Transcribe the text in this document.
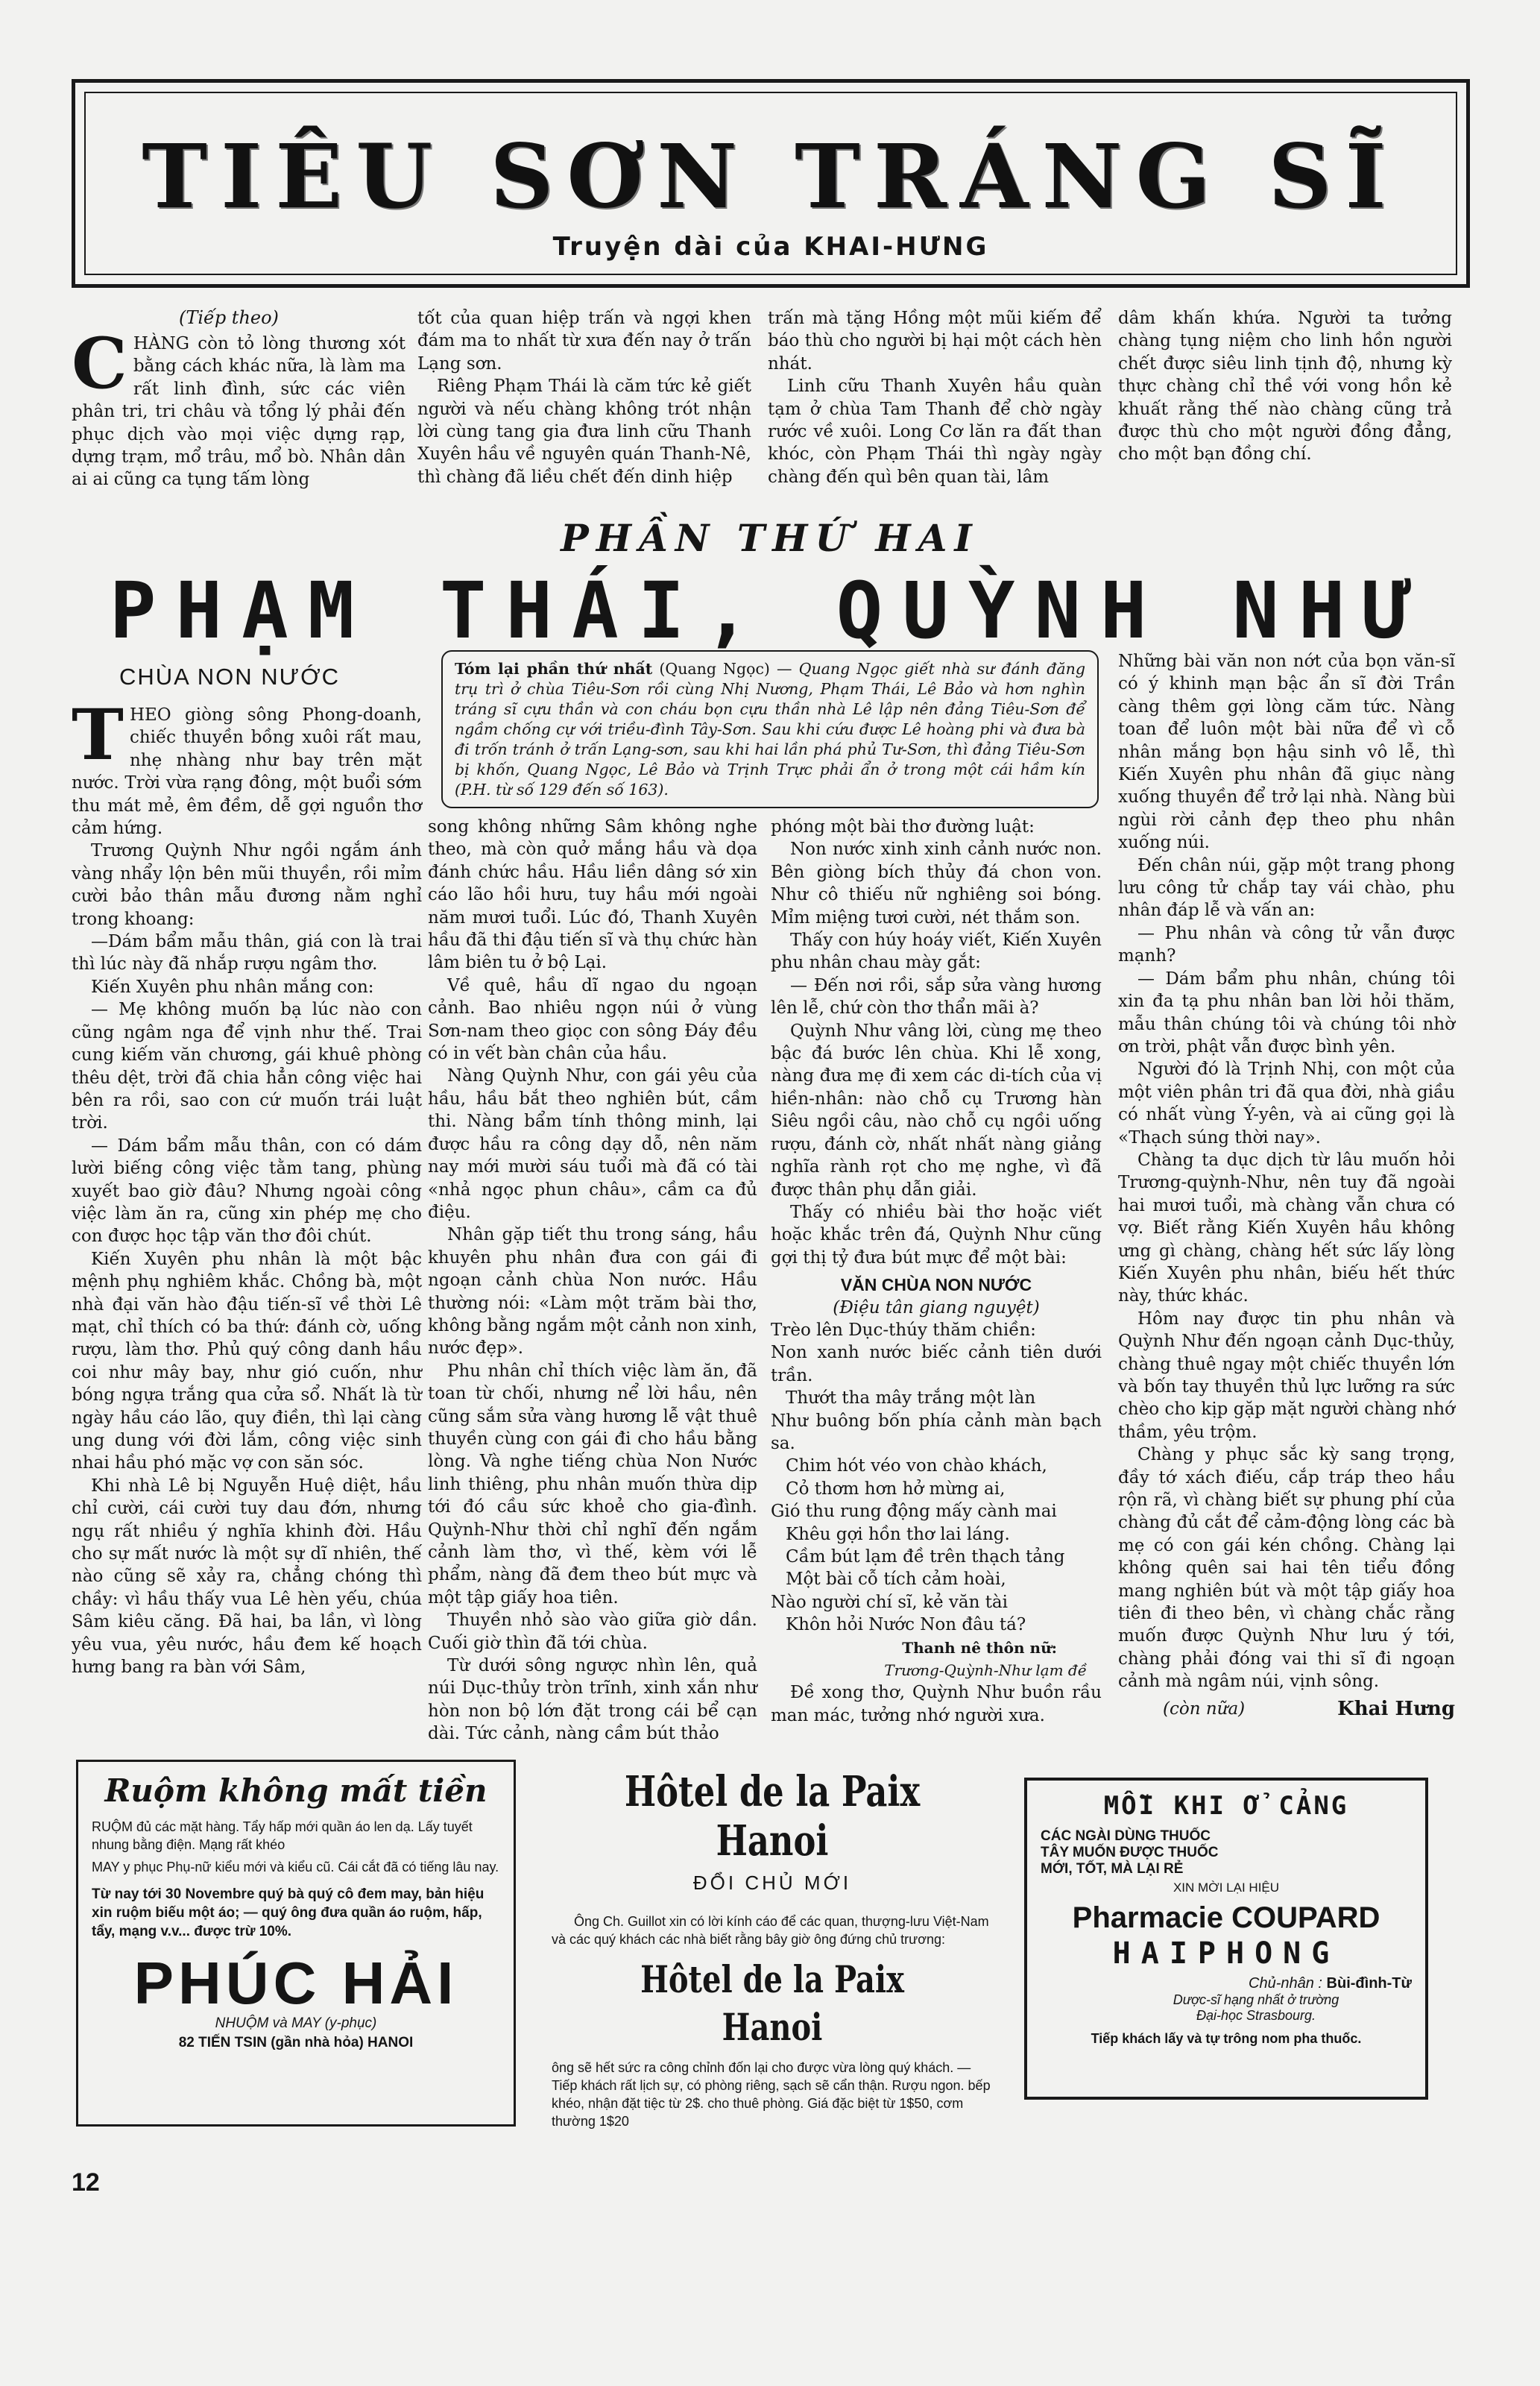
TIÊU SƠN TRÁNG SĨ
Truyện dài của KHAI-HƯNG
(Tiếp theo)

CHÀNG còn tỏ lòng thương xót bằng cách khác nữa, là làm ma rất linh đình, sức các viên phân tri, tri châu và tổng lý phải đến phục dịch vào mọi việc dựng rạp, dựng trạm, mổ trâu, mổ bò. Nhân dân ai ai cũng ca tụng tấm lòng

tốt của quan hiệp trấn và ngợi khen đám ma to nhất từ xưa đến nay ở trấn Lạng sơn.

Riêng Phạm Thái là căm tức kẻ giết người và nếu chàng không trót nhận lời cùng tang gia đưa linh cữu Thanh Xuyên hầu về nguyên quán Thanh-Nê, thì chàng đã liều chết đến dinh hiệp

trấn mà tặng Hồng một mũi kiếm để báo thù cho người bị hại một cách hèn nhát.

Linh cữu Thanh Xuyên hầu quàn tạm ở chùa Tam Thanh để chờ ngày rước về xuôi. Long Cơ lăn ra đất than khóc, còn Phạm Thái thì ngày ngày chàng đến quì bên quan tài, lâm

dâm khấn khứa. Người ta tưởng chàng tụng niệm cho linh hồn người chết được siêu linh tịnh độ, nhưng kỳ thực chàng chỉ thề với vong hồn kẻ khuất rằng thế nào chàng cũng trả được thù cho một người đồng đẳng, cho một bạn đồng chí.

PHẦN THỨ HAI
PHẠM THÁI, QUỲNH NHƯ
Tóm lại phần thứ nhất (Quang Ngọc) — Quang Ngọc giết nhà sư đánh đăng trụ trì ở chùa Tiêu-Sơn rồi cùng Nhị Nương, Phạm Thái, Lê Bảo và hơn nghìn tráng sĩ cựu thần và con cháu bọn cựu thần nhà Lê lập nên đảng Tiêu-Sơn để ngầm chống cự với triều-đình Tây-Sơn. Sau khi cứu được Lê hoàng phi và đưa bà đi trốn tránh ở trấn Lạng-sơn, sau khi hai lần phá phủ Tư-Sơn, thì đảng Tiêu-Sơn bị khốn, Quang Ngọc, Lê Bảo và Trịnh Trực phải ẩn ở trong một cái hầm kín (P.H. từ số 129 đến số 163).
CHÙA NON NƯỚC

THEO giòng sông Phong-doanh, chiếc thuyền bồng xuôi rất mau, nhẹ nhàng như bay trên mặt nước. Trời vừa rạng đông, một buổi sớm thu mát mẻ, êm đềm, dễ gợi nguồn thơ cảm hứng.

Trương Quỳnh Như ngồi ngắm ánh vàng nhẩy lộn bên mũi thuyền, rồi mỉm cười bảo thân mẫu đương nằm nghỉ trong khoang:

—Dám bẩm mẫu thân, giá con là trai thì lúc này đã nhắp rượu ngâm thơ.

Kiến Xuyên phu nhân mắng con:

— Mẹ không muốn bạ lúc nào con cũng ngâm nga để vịnh như thế. Trai cung kiếm văn chương, gái khuê phòng thêu dệt, trời đã chia hẳn công việc hai bên ra rồi, sao con cứ muốn trái luật trời.

— Dám bẩm mẫu thân, con có dám lười biếng công việc tằm tang, phùng xuyết bao giờ đâu? Nhưng ngoài công việc làm ăn ra, cũng xin phép mẹ cho con được học tập văn thơ đôi chút.

Kiến Xuyên phu nhân là một bậc mệnh phụ nghiêm khắc. Chồng bà, một nhà đại văn hào đậu tiến-sĩ về thời Lê mạt, chỉ thích có ba thứ: đánh cờ, uống rượu, làm thơ. Phủ quý công danh hầu coi như mây bay, như gió cuốn, như bóng ngựa trắng qua cửa sổ. Nhất là từ ngày hầu cáo lão, quy điền, thì lại càng ung dung với đời lắm, công việc sinh nhai hầu phó mặc vợ con săn sóc.

Khi nhà Lê bị Nguyễn Huệ diệt, hầu chỉ cười, cái cười tuy dau đớn, nhưng ngụ rất nhiều ý nghĩa khinh đời. Hầu cho sự mất nước là một sự dĩ nhiên, thế nào cũng sẽ xảy ra, chẳng chóng thì chầy: vì hầu thấy vua Lê hèn yếu, chúa Sâm kiêu căng. Đã hai, ba lần, vì lòng yêu vua, yêu nước, hầu đem kế hoạch hưng bang ra bàn với Sâm,

song không những Sâm không nghe theo, mà còn quở mắng hầu và dọa đánh chức hầu. Hầu liền dâng sớ xin cáo lão hồi hưu, tuy hầu mới ngoài năm mươi tuổi. Lúc đó, Thanh Xuyên hầu đã thi đậu tiến sĩ và thụ chức hàn lâm biên tu ở bộ Lại.

Về quê, hầu dĩ ngao du ngoạn cảnh. Bao nhiêu ngọn núi ở vùng Sơn-nam theo giọc con sông Đáy đều có in vết bàn chân của hầu.

Nàng Quỳnh Như, con gái yêu của hầu, hầu bắt theo nghiên bút, cầm thi. Nàng bẩm tính thông minh, lại được hầu ra công dạy dỗ, nên năm nay mới mười sáu tuổi mà đã có tài «nhả ngọc phun châu», cầm ca đủ điệu.

Nhân gặp tiết thu trong sáng, hầu khuyên phu nhân đưa con gái đi ngoạn cảnh chùa Non nước. Hầu thường nói: «Làm một trăm bài thơ, không bằng ngắm một cảnh non xinh, nước đẹp».

Phu nhân chỉ thích việc làm ăn, đã toan từ chối, nhưng nể lời hầu, nên cũng sắm sửa vàng hương lễ vật thuê thuyền cùng con gái đi cho hầu bằng lòng. Và nghe tiếng chùa Non Nước linh thiêng, phu nhân muốn thừa dịp tới đó cầu sức khoẻ cho gia-đình. Quỳnh-Như thời chỉ nghĩ đến ngắm cảnh làm thơ, vì thế, kèm với lễ phẩm, nàng đã đem theo bút mực và một tập giấy hoa tiên.

Thuyền nhỏ sào vào giữa giờ dần. Cuối giờ thìn đã tới chùa.

Từ dưới sông ngược nhìn lên, quả núi Dục-thủy tròn trĩnh, xinh xắn như hòn non bộ lớn đặt trong cái bể cạn dài. Tức cảnh, nàng cầm bút thảo

phóng một bài thơ đường luật:

Non nước xinh xinh cảnh nước non. Bên giòng bích thủy đá chon von. Như cô thiếu nữ nghiêng soi bóng. Mỉm miệng tươi cười, nét thắm son.

Thấy con húy hoáy viết, Kiến Xuyên phu nhân chau mày gắt:

— Đến nơi rồi, sắp sửa vàng hương lên lễ, chứ còn thơ thẩn mãi à?

Quỳnh Như vâng lời, cùng mẹ theo bậc đá bước lên chùa. Khi lễ xong, nàng đưa mẹ đi xem các di-tích của vị hiền-nhân: nào chỗ cụ Trương hàn Siêu ngồi câu, nào chỗ cụ ngồi uống rượu, đánh cờ, nhất nhất nàng giảng nghĩa rành rọt cho mẹ nghe, vì đã được thân phụ dẫn giải.

Thấy có nhiều bài thơ hoặc viết hoặc khắc trên đá, Quỳnh Như cũng gợi thị tỷ đưa bút mực để một bài:

VĂN CHÙA NON NƯỚC

(Điệu tân giang nguyệt)

Trèo lên Dục-thúy thăm chiền:

Non xanh nước biếc cảnh tiên dưới trần.

Thướt tha mây trắng một làn

Như buông bốn phía cảnh màn bạch sa.

Chim hót véo von chào khách,

Cỏ thơm hơn hở mừng ai,

Gió thu rung động mấy cành mai

Khêu gợi hồn thơ lai láng.

Cầm bút lạm đề trên thạch tảng

Một bài cỗ tích cảm hoài,

Nào người chí sĩ, kẻ văn tài

Khôn hỏi Nước Non đâu tá?

Thanh nê thôn nữ:

Trương-Quỳnh-Như lạm đề

Đề xong thơ, Quỳnh Như buồn rầu man mác, tưởng nhớ người xưa.

Những bài văn non nớt của bọn văn-sĩ có ý khinh mạn bậc ẩn sĩ đời Trần càng thêm gợi lòng căm tức. Nàng toan để luôn một bài nữa để vì cỗ nhân mắng bọn hậu sinh vô lễ, thì Kiến Xuyên phu nhân đã giục nàng xuống thuyền để trở lại nhà. Nàng bùi ngùi rời cảnh đẹp theo phu nhân xuống núi.

Đến chân núi, gặp một trang phong lưu công tử chắp tay vái chào, phu nhân đáp lễ và vấn an:

— Phu nhân và công tử vẫn được mạnh?

— Dám bẩm phu nhân, chúng tôi xin đa tạ phu nhân ban lời hỏi thăm, mẫu thân chúng tôi và chúng tôi nhờ ơn trời, phật vẫn được bình yên.

Người đó là Trịnh Nhị, con một của một viên phân tri đã qua đời, nhà giầu có nhất vùng Ý-yên, và ai cũng gọi là «Thạch súng thời nay».

Chàng ta dục dịch từ lâu muốn hỏi Trương-quỳnh-Như, nên tuy đã ngoài hai mươi tuổi, mà chàng vẫn chưa có vợ. Biết rằng Kiến Xuyên hầu không ưng gì chàng, chàng hết sức lấy lòng Kiến Xuyên phu nhân, biếu hết thức này, thức khác.

Hôm nay được tin phu nhân và Quỳnh Như đến ngoạn cảnh Dục-thủy, chàng thuê ngay một chiếc thuyền lớn và bốn tay thuyền thủ lực lưỡng ra sức chèo cho kịp gặp mặt người chàng nhớ thầm, yêu trộm.

Chàng y phục sắc kỳ sang trọng, đầy tớ xách điếu, cắp tráp theo hầu rộn rã, vì chàng biết sự phung phí của chàng đủ cắt để cảm-động lòng các bà mẹ có con gái kén chồng. Chàng lại không quên sai hai tên tiểu đồng mang nghiên bút và một tập giấy hoa tiên đi theo bên, vì chàng chắc rằng muốn được Quỳnh Như lưu ý tới, chàng phải đóng vai thi sĩ đi ngoạn cảnh mà ngâm núi, vịnh sông.

(còn nữa)	Khai Hưng

Ruộm không mất tiền

RUỘM đủ các mặt hàng. Tẩy hấp mới quần áo len dạ. Lấy tuyết nhung bằng điện. Mạng rất khéo

MAY y phục Phụ-nữ kiểu mới và kiểu cũ. Cái cắt đã có tiếng lâu nay.

Từ nay tới 30 Novembre quý bà quý cô đem may, bản hiệu xin ruộm biếu một áo; — quý ông đưa quần áo ruộm, hấp, tẩy, mạng v.v... được trừ 10%.

PHÚC HẢI

NHUỘM và MAY (y-phục)

82 TIẾN TSIN (gần nhà hỏa) HANOI

Hôtel de la Paix Hanoi

ĐỔI CHỦ MỚI

Ông Ch. Guillot xin có lời kính cáo để các quan, thượng-lưu Việt-Nam và các quý khách các nhà biết rằng bây giờ ông đứng chủ trương:

Hôtel de la Paix Hanoi

ông sẽ hết sức ra công chỉnh đốn lại cho được vừa lòng quý khách. — Tiếp khách rất lịch sự, có phòng riêng, sạch sẽ cẩn thận. Rượu ngon. bếp khéo, nhận đặt tiệc từ 2$. cho thuê phòng. Giá đặc biệt từ 1$50, cơm thường 1$20

MỖI KHI Ở CẢNG

CÁC NGÀI DÙNG THUỐC

TÂY MUỐN ĐƯỢC THUỐC

MỚI, TỐT, MÀ LẠI RẺ

XIN MỜI LẠI HIỆU

Pharmacie COUPARD

HAIPHONG

Chủ-nhân : Bùi-đình-Từ

Dược-sĩ hạng nhất ở trường

Đại-học Strasbourg.

Tiếp khách lấy và tự trông nom pha thuốc.

12
